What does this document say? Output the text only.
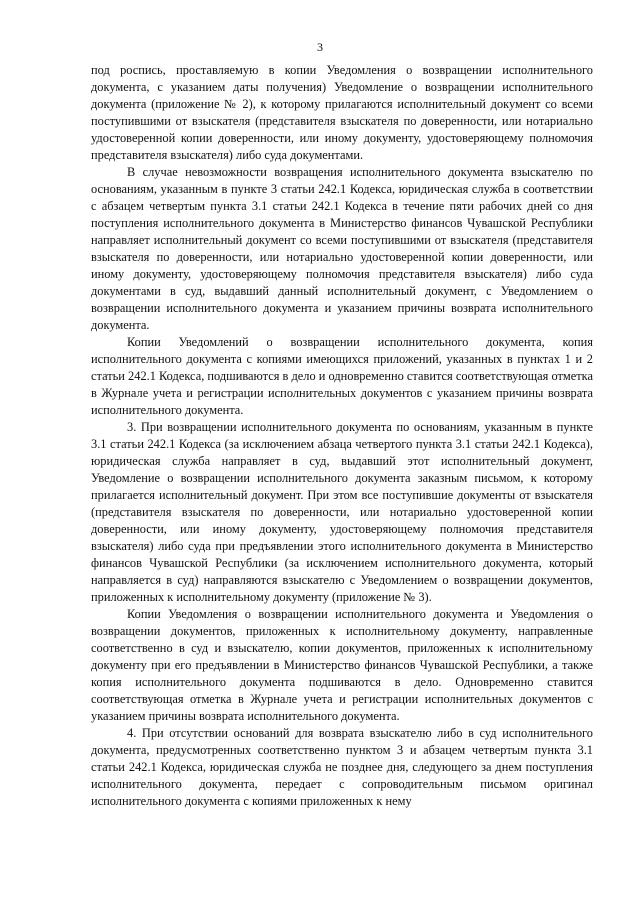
3

под роспись, проставляемую в копии Уведомления о возвращении исполнительного документа, с указанием даты получения) Уведомление о возвращении исполнительного документа (приложение № 2), к которому прилагаются исполнительный документ со всеми поступившими от взыскателя (представителя взыскателя по доверенности, или нотариально удостоверенной копии доверенности, или иному документу, удостоверяющему полномочия представителя взыскателя) либо суда документами.

В случае невозможности возвращения исполнительного документа взыскателю по основаниям, указанным в пункте 3 статьи 242.1 Кодекса, юридическая служба в соответствии с абзацем четвертым пункта 3.1 статьи 242.1 Кодекса в течение пяти рабочих дней со дня поступления исполнительного документа в Министерство финансов Чувашской Республики направляет исполнительный документ со всеми поступившими от взыскателя (представителя взыскателя по доверенности, или нотариально удостоверенной копии доверенности, или иному документу, удостоверяющему полномочия представителя взыскателя) либо суда документами в суд, выдавший данный исполнительный документ, с Уведомлением о возвращении исполнительного документа и указанием причины возврата исполнительного документа.

Копии Уведомлений о возвращении исполнительного документа, копия исполнительного документа с копиями имеющихся приложений, указанных в пунктах 1 и 2 статьи 242.1 Кодекса, подшиваются в дело и одновременно ставится соответствующая отметка в Журнале учета и регистрации исполнительных документов с указанием причины возврата исполнительного документа.

3. При возвращении исполнительного документа по основаниям, указанным в пункте 3.1 статьи 242.1 Кодекса (за исключением абзаца четвертого пункта 3.1 статьи 242.1 Кодекса), юридическая служба направляет в суд, выдавший этот исполнительный документ, Уведомление о возвращении исполнительного документа заказным письмом, к которому прилагается исполнительный документ. При этом все поступившие документы от взыскателя (представителя взыскателя по доверенности, или нотариально удостоверенной копии доверенности, или иному документу, удостоверяющему полномочия представителя взыскателя) либо суда при предъявлении этого исполнительного документа в Министерство финансов Чувашской Республики (за исключением исполнительного документа, который направляется в суд) направляются взыскателю с Уведомлением о возвращении документов, приложенных к исполнительному документу (приложение № 3).

Копии Уведомления о возвращении исполнительного документа и Уведомления о возвращении документов, приложенных к исполнительному документу, направленные соответственно в суд и взыскателю, копии документов, приложенных к исполнительному документу при его предъявлении в Министерство финансов Чувашской Республики, а также копия исполнительного документа подшиваются в дело. Одновременно ставится соответствующая отметка в Журнале учета и регистрации исполнительных документов с указанием причины возврата исполнительного документа.

4. При отсутствии оснований для возврата взыскателю либо в суд исполнительного документа, предусмотренных соответственно пунктом 3 и абзацем четвертым пункта 3.1 статьи 242.1 Кодекса, юридическая служба не позднее дня, следующего за днем поступления исполнительного документа, передает с сопроводительным письмом оригинал исполнительного документа с копиями приложенных к нему
